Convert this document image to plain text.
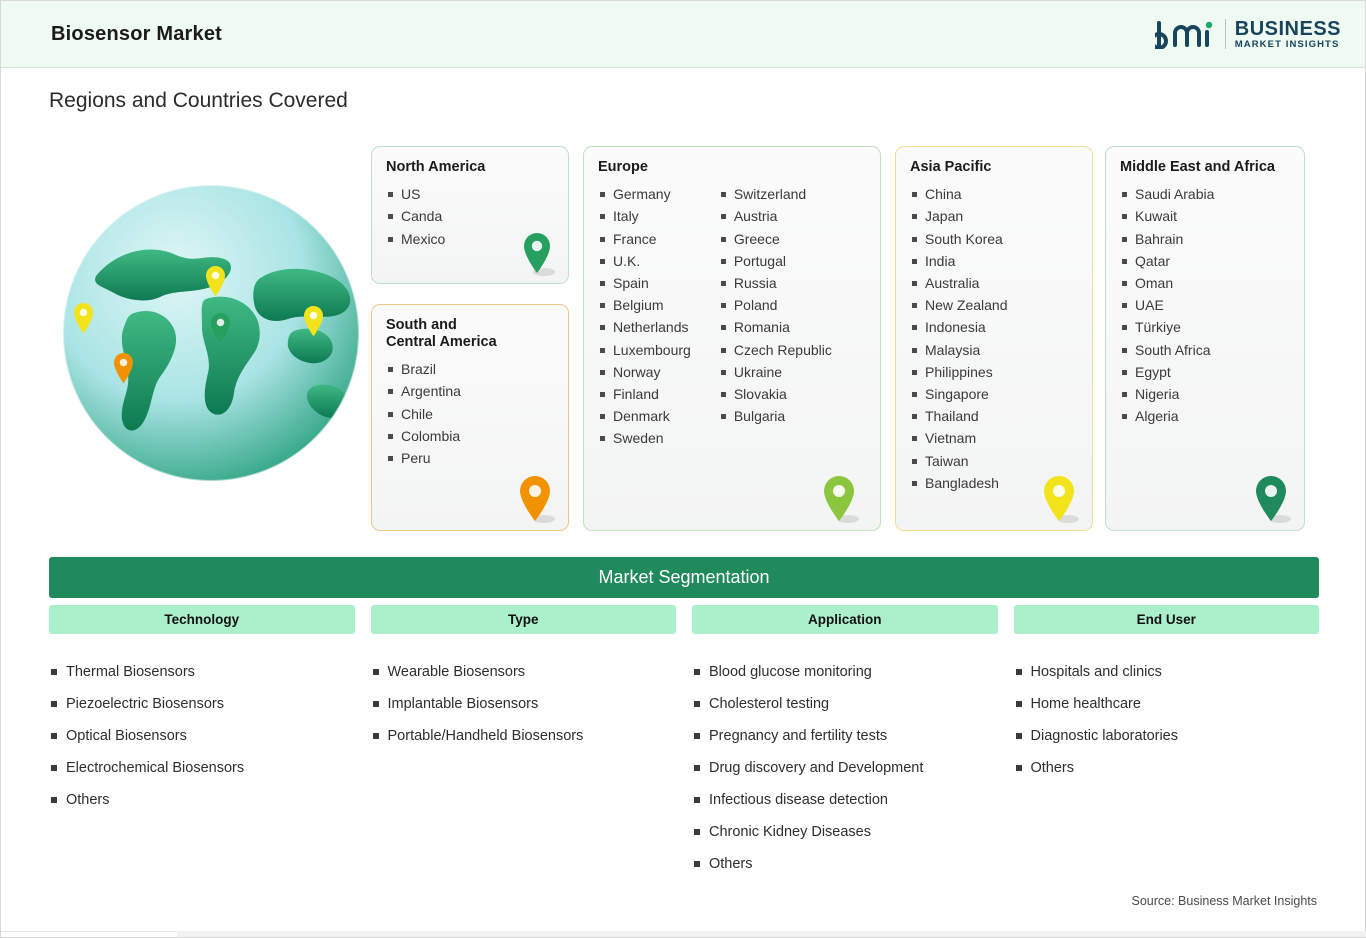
Biosensor Market	BUSINESS
MARKET INSIGHTS
Regions and Countries Covered
North America
US
Canda
Mexico
South and
Central America
Brazil
Argentina
Chile
Colombia
Peru
Europe
Germany
Italy
France
U.K.
Spain
Belgium
Netherlands
Luxembourg
Norway
Finland
Denmark
Sweden
Switzerland
Austria
Greece
Portugal
Russia
Poland
Romania
Czech Republic
Ukraine
Slovakia
Bulgaria
Asia Pacific
China
Japan
South Korea
India
Australia
New Zealand
Indonesia
Malaysia
Philippines
Singapore
Thailand
Vietnam
Taiwan
Bangladesh
Middle East and Africa
Saudi Arabia
Kuwait
Bahrain
Qatar
Oman
UAE
Türkiye
South Africa
Egypt
Nigeria
Algeria
Market Segmentation
Technology
Thermal Biosensors
Piezoelectric Biosensors
Optical Biosensors
Electrochemical Biosensors
Others
Type
Wearable Biosensors
Implantable Biosensors
Portable/Handheld Biosensors
Application
Blood glucose monitoring
Cholesterol testing
Pregnancy and fertility tests
Drug discovery and Development
Infectious disease detection
Chronic Kidney Diseases
Others
End User
Hospitals and clinics
Home healthcare
Diagnostic laboratories
Others
Source: Business Market Insights
